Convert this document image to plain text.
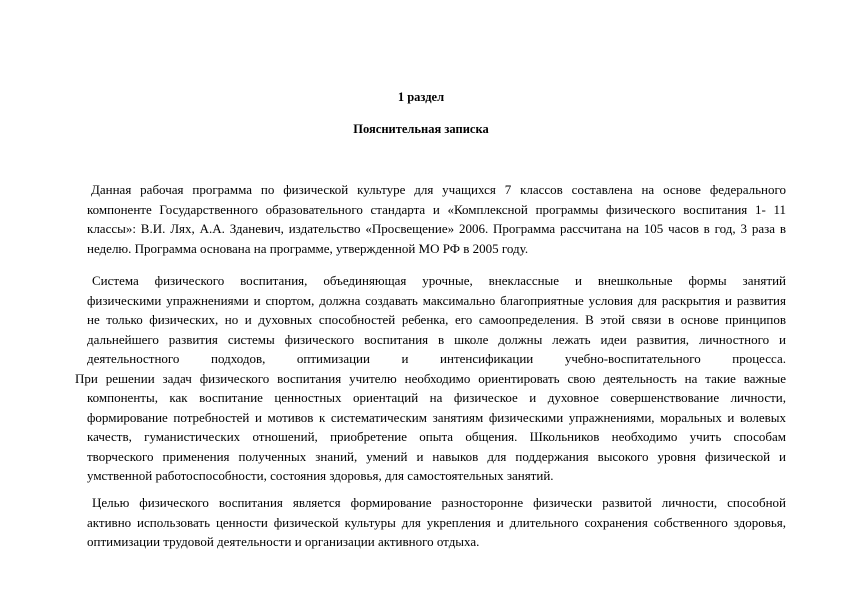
1 раздел
Пояснительная записка

Данная рабочая программа по физической культуре для учащихся 7 классов составлена на основе федерального
компоненте Государственного образовательного стандарта и «Комплексной программы физического воспитания 1- 11
классы»: В.И. Лях, А.А. Зданевич, издательство «Просвещение» 2006. Программа рассчитана на 105 часов в год, 3 раза в
неделю. Программа основана на программе, утвержденной МО РФ в 2005 году.

Система физического воспитания, объединяющая урочные, внеклассные и внешкольные формы занятий
физическими упражнениями и спортом, должна создавать максимально благоприятные условия для раскрытия и развития
не только физических, но и духовных способностей ребенка, его самоопределения. В этой связи в основе принципов
дальнейшего развития системы физического воспитания в школе должны лежать идеи развития, личностного и
деятельностного подходов, оптимизации и интенсификации учебно-воспитательного процесса.
При решении задач физического воспитания учителю необходимо ориентировать свою деятельность на такие важные
компоненты, как воспитание ценностных ориентаций на физическое и духовное совершенствование личности,
формирование потребностей и мотивов к систематическим занятиям физическими упражнениями, моральных и волевых
качеств, гуманистических отношений, приобретение опыта общения. Школьников необходимо учить способам
творческого применения полученных знаний, умений и навыков для поддержания высокого уровня физической и
умственной работоспособности, состояния здоровья, для самостоятельных занятий.

Целью физического воспитания является формирование разносторонне физически развитой личности, способной
активно использовать ценности физической культуры для укрепления и длительного сохранения собственного здоровья,
оптимизации трудовой деятельности и организации активного отдыха.
